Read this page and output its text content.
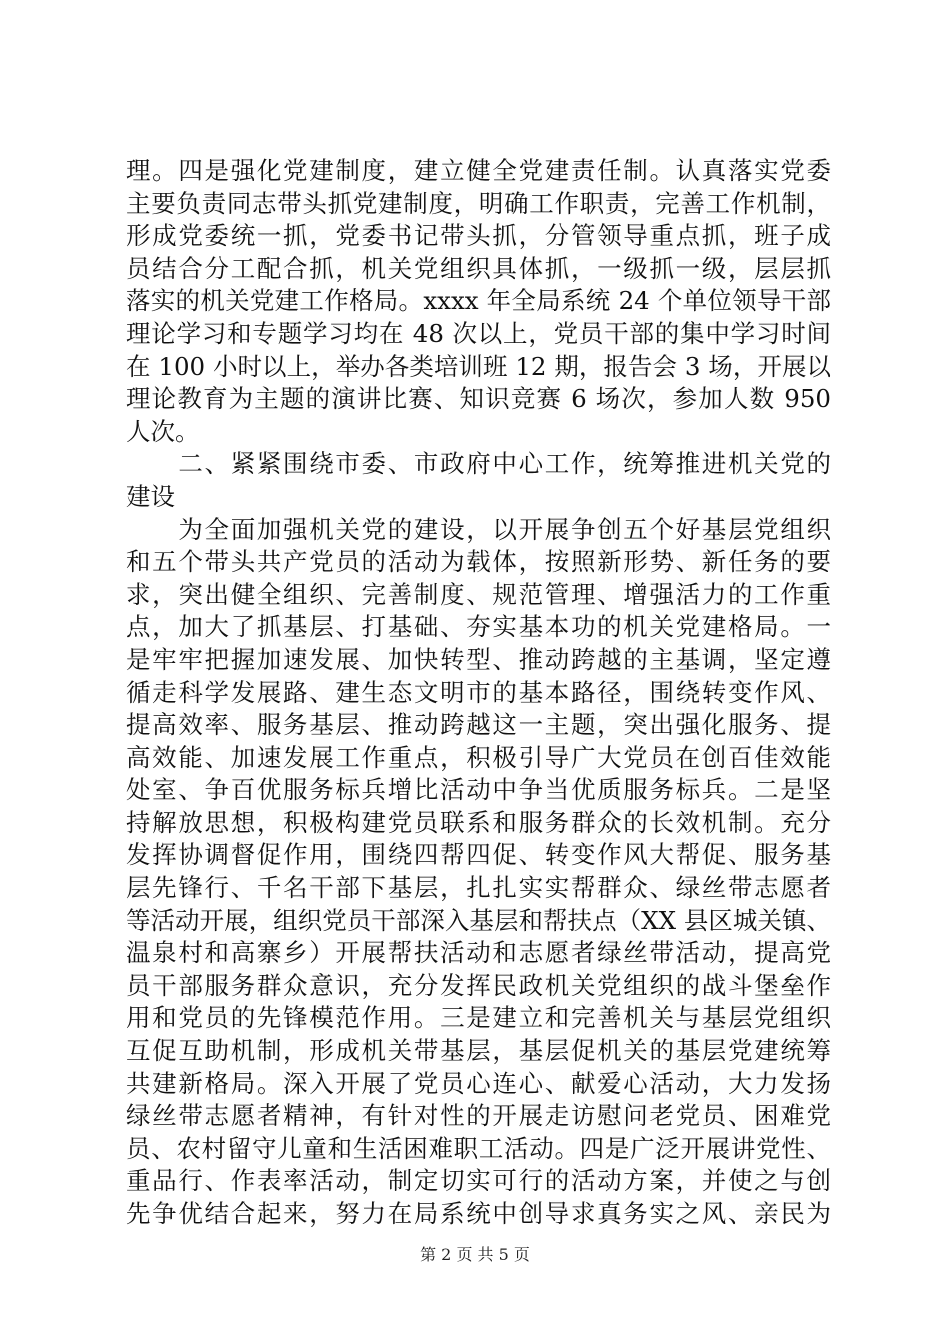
理。四是强化党建制度，建立健全党建责任制。认真落实党委
主要负责同志带头抓党建制度，明确工作职责，完善工作机制，
形成党委统一抓，党委书记带头抓，分管领导重点抓，班子成
员结合分工配合抓，机关党组织具体抓，一级抓一级，层层抓
落实的机关党建工作格局。xxxx 年全局系统 24 个单位领导干部
理论学习和专题学习均在 48 次以上，党员干部的集中学习时间
在 100 小时以上，举办各类培训班 12 期，报告会 3 场，开展以
理论教育为主题的演讲比赛、知识竞赛 6 场次，参加人数 950
人次。
　　二、紧紧围绕市委、市政府中心工作，统筹推进机关党的
建设
　　为全面加强机关党的建设，以开展争创五个好基层党组织
和五个带头共产党员的活动为载体，按照新形势、新任务的要
求，突出健全组织、完善制度、规范管理、增强活力的工作重
点，加大了抓基层、打基础、夯实基本功的机关党建格局。一
是牢牢把握加速发展、加快转型、推动跨越的主基调，坚定遵
循走科学发展路、建生态文明市的基本路径，围绕转变作风、
提高效率、服务基层、推动跨越这一主题，突出强化服务、提
高效能、加速发展工作重点，积极引导广大党员在创百佳效能
处室、争百优服务标兵增比活动中争当优质服务标兵。二是坚
持解放思想，积极构建党员联系和服务群众的长效机制。充分
发挥协调督促作用，围绕四帮四促、转变作风大帮促、服务基
层先锋行、千名干部下基层，扎扎实实帮群众、绿丝带志愿者
等活动开展，组织党员干部深入基层和帮扶点（XX 县区城关镇、
温泉村和高寨乡）开展帮扶活动和志愿者绿丝带活动，提高党
员干部服务群众意识，充分发挥民政机关党组织的战斗堡垒作
用和党员的先锋模范作用。三是建立和完善机关与基层党组织
互促互助机制，形成机关带基层，基层促机关的基层党建统筹
共建新格局。深入开展了党员心连心、献爱心活动，大力发扬
绿丝带志愿者精神，有针对性的开展走访慰问老党员、困难党
员、农村留守儿童和生活困难职工活动。四是广泛开展讲党性、
重品行、作表率活动，制定切实可行的活动方案，并使之与创
先争优结合起来，努力在局系统中创导求真务实之风、亲民为
第 2 页 共 5 页
